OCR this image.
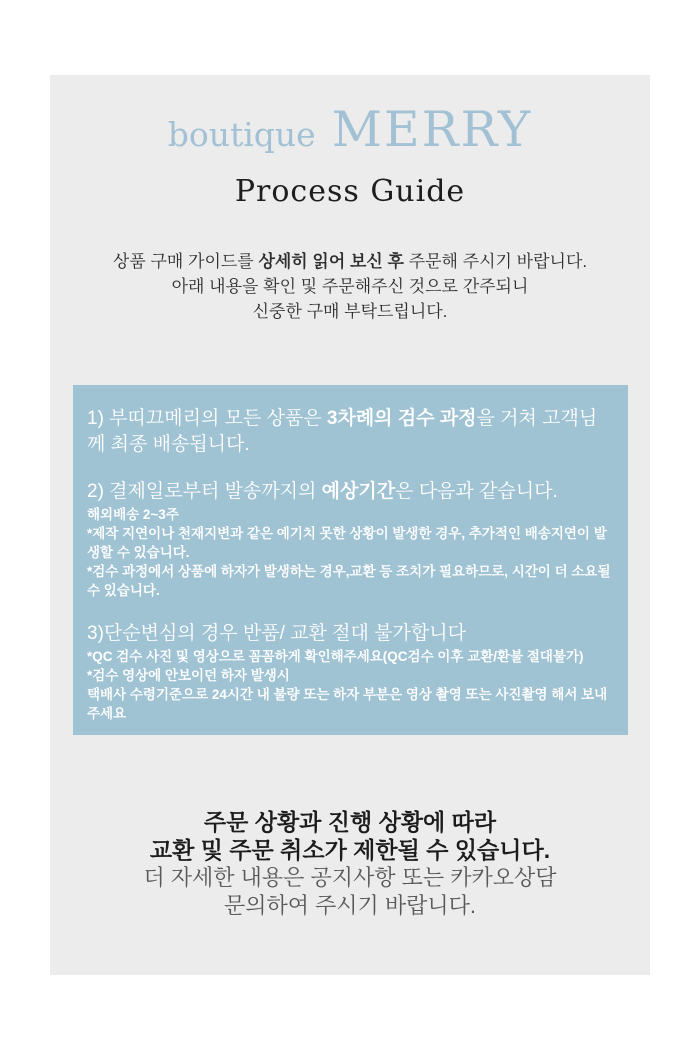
boutique MERRY
Process Guide
상품 구매 가이드를 상세히 읽어 보신 후 주문해 주시기 바랍니다.
아래 내용을 확인 및 주문해주신 것으로 간주되니
신중한 구매 부탁드립니다.

1) 부띠끄메리의 모든 상품은 3차례의 검수 과정을 거쳐 고객님께 최종 배송됩니다.

2) 결제일로부터 발송까지의 예상기간은 다음과 같습니다.

해외배송 2~3주

*제작 지연이나 천재지변과 같은 예기치 못한 상황이 발생한 경우, 추가적인 배송지연이 발생할 수 있습니다.

*검수 과정에서 상품에 하자가 발생하는 경우,교환 등 조치가 필요하므로, 시간이 더 소요될 수 있습니다.

3)단순변심의 경우 반품/ 교환 절대 불가합니다

*QC 검수 사진 및 영상으로 꼼꼼하게 확인해주세요(QC검수 이후 교환/환불 절대불가)

*검수 영상에 안보이던 하자 발생시

택배사 수령기준으로 24시간 내 불량 또는 하자 부분은 영상 촬영 또는 사진촬영 해서 보내주세요

주문 상황과 진행 상황에 따라
교환 및 주문 취소가 제한될 수 있습니다.
더 자세한 내용은 공지사항 또는 카카오상담
문의하여 주시기 바랍니다.
